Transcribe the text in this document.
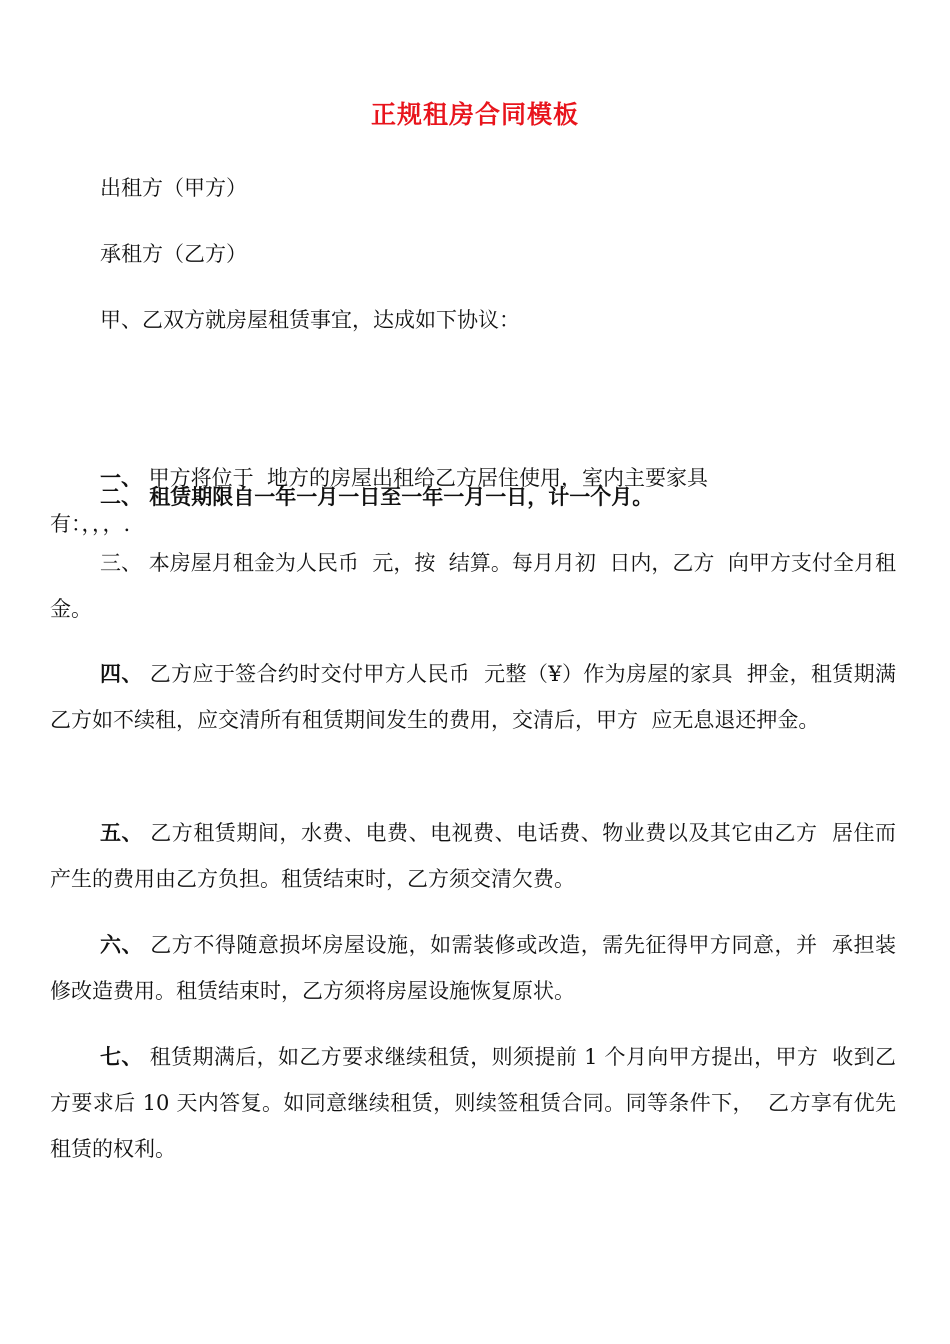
正规租房合同模板
出租方（甲方）
承租方（乙方）
甲、乙双方就房屋租赁事宜，达成如下协议：

一、 甲方将位于  地方的房屋出租给乙方居住使用，室内主要家具
有：，，，.

二、 租赁期限自一年一月一日至一年一月一日，计一个月。
三、 本房屋月租金为人民币  元，按  结算。每月月初  日内，乙方  向甲方支付全月租金。
四、 乙方应于签合约时交付甲方人民币  元整（¥）作为房屋的家具  押金，租赁期满乙方如不续租，应交清所有租赁期间发生的费用，交清后，甲方  应无息退还押金。
五、 乙方租赁期间，水费、电费、电视费、电话费、物业费以及其它由乙方  居住而产生的费用由乙方负担。租赁结束时，乙方须交清欠费。
六、 乙方不得随意损坏房屋设施，如需装修或改造，需先征得甲方同意，并  承担装修改造费用。租赁结束时，乙方须将房屋设施恢复原状。
七、 租赁期满后，如乙方要求继续租赁，则须提前 1 个月向甲方提出，甲方  收到乙方要求后 10 天内答复。如同意继续租赁，则续签租赁合同。同等条件下，  乙方享有优先租赁的权利。
